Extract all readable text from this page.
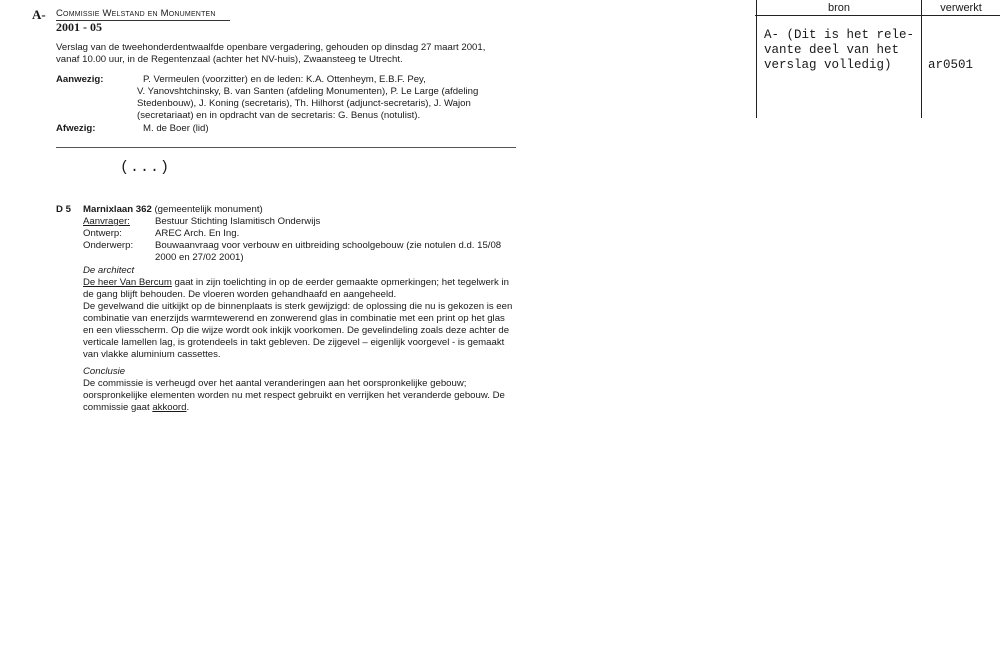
A- Commissie Welstand en Monumenten
2001 - 05
Verslag van de tweehonderdentwaalfde openbare vergadering, gehouden op dinsdag 27 maart 2001,
vanaf 10.00 uur, in de Regentenzaal (achter het NV-huis), Zwaansteeg te Utrecht.
Aanwezig:	P. Vermeulen (voorzitter) en de leden: K.A. Ottenheym, E.B.F. Pey,
V. Yanovshtchinsky, B. van Santen (afdeling Monumenten), P. Le Large (afdeling
Stedenbouw), J. Koning (secretaris), Th. Hilhorst (adjunct-secretaris), J. Wajon
(secretariaat) en in opdracht van de secretaris: G. Benus (notulist).
Afwezig:	M. de Boer (lid)
(...)
D 5 Marnixlaan 362 (gemeentelijk monument)
Aanvrager:	Bestuur Stichting Islamitisch Onderwijs
Ontwerp:	AREC Arch. En Ing.
Onderwerp: Bouwaanvraag voor verbouw en uitbreiding schoolgebouw (zie notulen d.d. 15/08
2000 en 27/02 2001)
De architect
De heer Van Bercum gaat in zijn toelichting in op de eerder gemaakte opmerkingen; het tegelwerk in
de gang blijft behouden. De vloeren worden gehandhaafd en aangeheeld.
De gevelwand die uitkijkt op de binnenplaats is sterk gewijzigd: de oplossing die nu is gekozen is een
combinatie van enerzijds warmtewerend en zonwerend glas in combinatie met een print op het glas
en een vliesscherm. Op die wijze wordt ook inkijk voorkomen. De gevelindeling zoals deze achter de
verticale lamellen lag, is grotendeels in takt gebleven. De zijgevel – eigenlijk voorgevel - is gemaakt
van vlakke aluminium cassettes.
Conclusie
De commissie is verheugd over het aantal veranderingen aan het oorspronkelijke gebouw;
oorspronkelijke elementen worden nu met respect gebruikt en verrijken het veranderde gebouw. De
commissie gaat akkoord.
bron	verwerkt
A- (Dit is het rele-
vante deel van het
verslag volledig)	ar0501
